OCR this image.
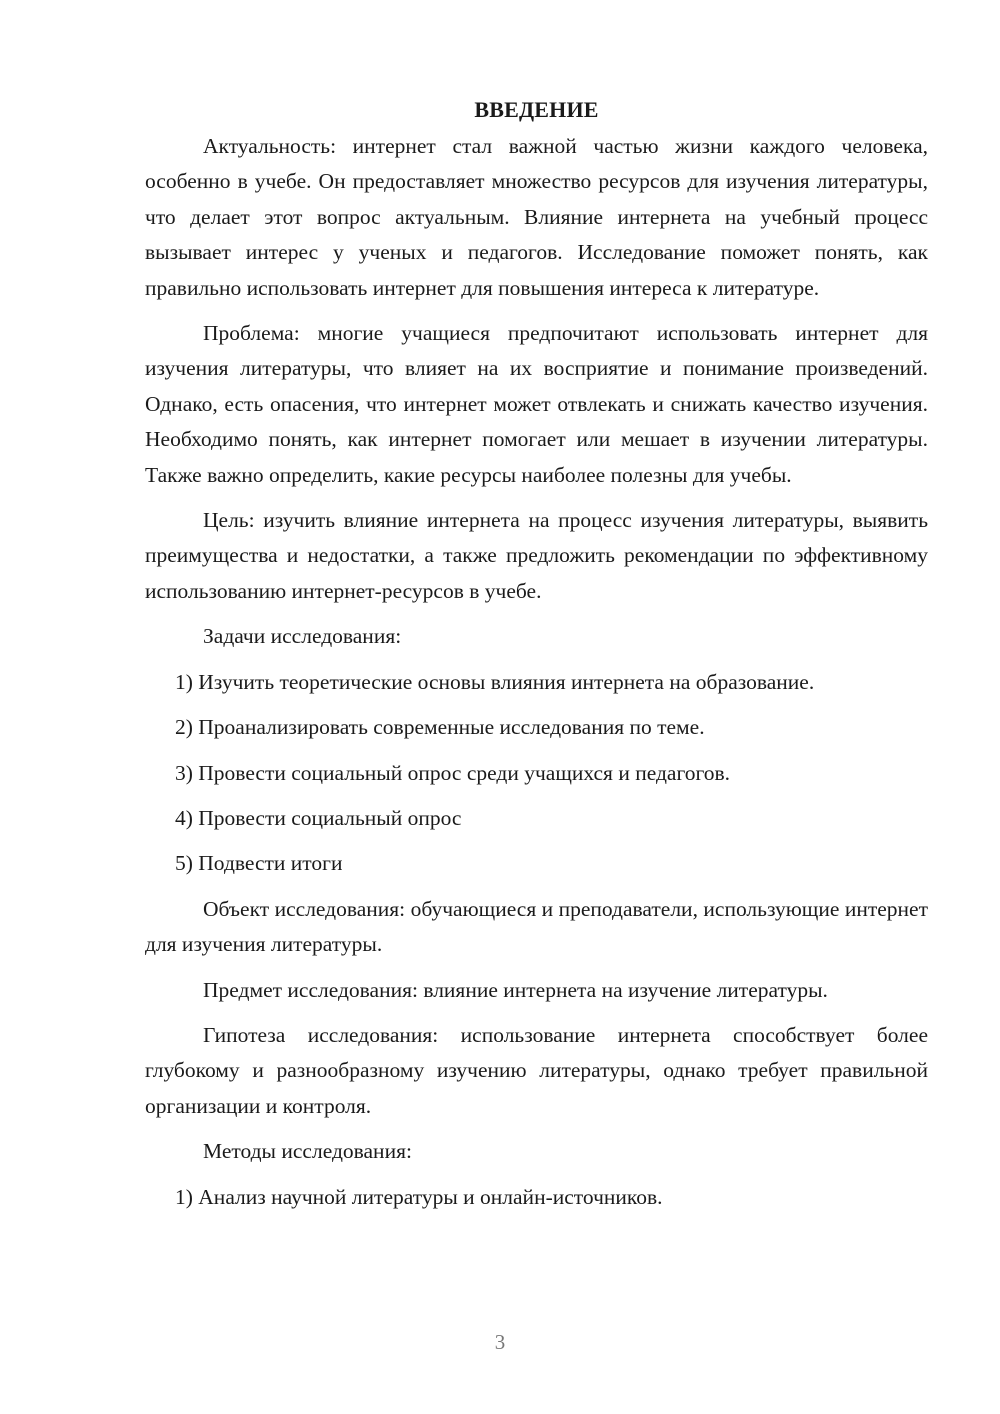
ВВЕДЕНИЕ

Актуальность: интернет стал важной частью жизни каждого человека, особенно в учебе. Он предоставляет множество ресурсов для изучения литературы, что делает этот вопрос актуальным. Влияние интернета на учебный процесс вызывает интерес у ученых и педагогов. Исследование поможет понять, как правильно использовать интернет для повышения интереса к литературе.

Проблема: многие учащиеся предпочитают использовать интернет для изучения литературы, что влияет на их восприятие и понимание произведений. Однако, есть опасения, что интернет может отвлекать и снижать качество изучения. Необходимо понять, как интернет помогает или мешает в изучении литературы. Также важно определить, какие ресурсы наиболее полезны для учебы.

Цель: изучить влияние интернета на процесс изучения литературы, выявить преимущества и недостатки, а также предложить рекомендации по эффективному использованию интернет-ресурсов в учебе.

Задачи исследования:

1) Изучить теоретические основы влияния интернета на образование.

2) Проанализировать современные исследования по теме.

3) Провести социальный опрос среди учащихся и педагогов.

4) Провести социальный опрос

5) Подвести итоги

Объект исследования: обучающиеся и преподаватели, использующие интернет для изучения литературы.

Предмет исследования: влияние интернета на изучение литературы.

Гипотеза исследования: использование интернета способствует более глубокому и разнообразному изучению литературы, однако требует правильной организации и контроля.

Методы исследования:

1) Анализ научной литературы и онлайн-источников.

3
